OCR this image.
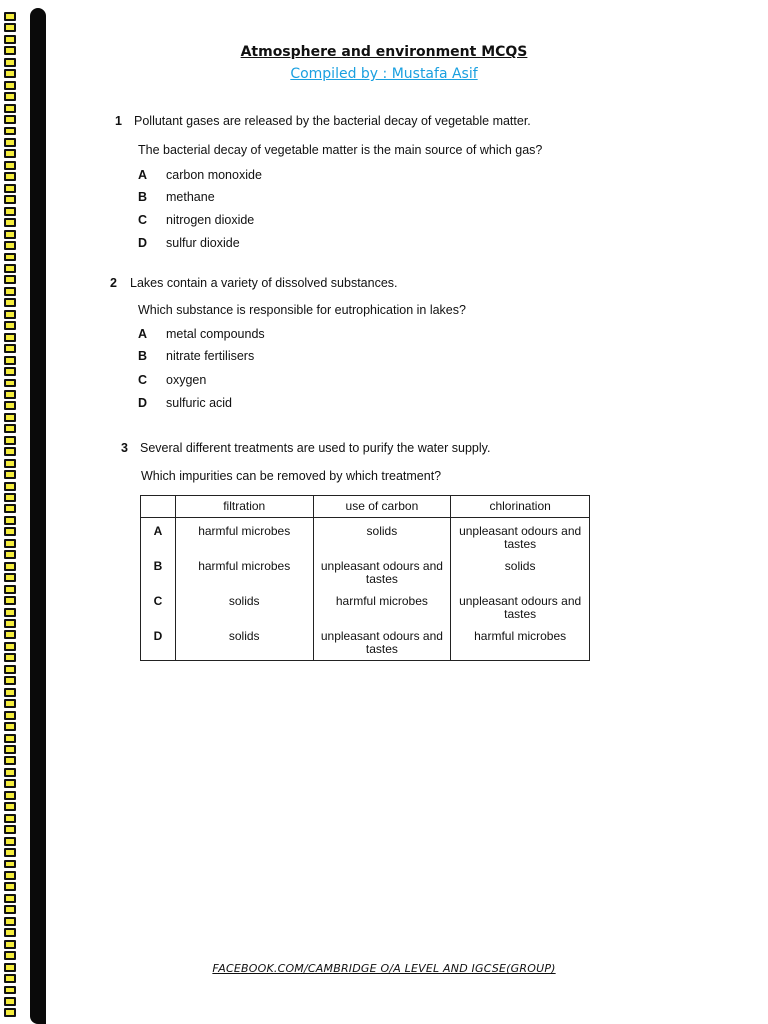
Atmosphere and environment MCQS
Compiled by : Mustafa Asif
1 Pollutant gases are released by the bacterial decay of vegetable matter.
The bacterial decay of vegetable matter is the main source of which gas?
A carbon monoxide
B methane
C nitrogen dioxide
D sulfur dioxide
2 Lakes contain a variety of dissolved substances.
Which substance is responsible for eutrophication in lakes?
A metal compounds
B nitrate fertilisers
C oxygen
D sulfuric acid
3 Several different treatments are used to purify the water supply.
Which impurities can be removed by which treatment?
	filtration	use of carbon	chlorination
A	harmful microbes	solids	unpleasant odours and tastes
B	harmful microbes	unpleasant odours and tastes	solids
C	solids	harmful microbes	unpleasant odours and tastes
D	solids	unpleasant odours and tastes	harmful microbes
FACEBOOK.COM/CAMBRIDGE O/A LEVEL AND IGCSE(GROUP)
